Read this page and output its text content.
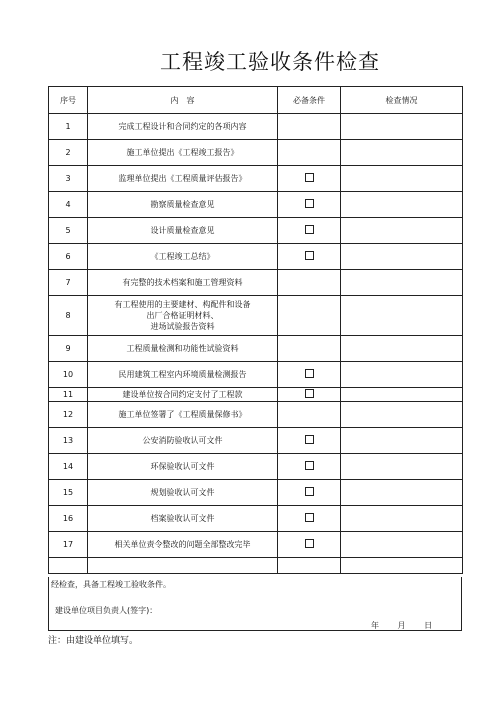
工程竣工验收条件检查
序号	内　容	必备条件	检查情况
1	完成工程设计和合同约定的各项内容		

2	施工单位提出《工程竣工报告》		

3	监理单位提出《工程质量评估报告》		

4	勘察质量检查意见		

5	设计质量检查意见		

6	《工程竣工总结》		

7	有完整的技术档案和施工管理资料		

8	有工程使用的主要建材、构配件和设备
出厂合格证明材料、
进场试验报告资料		

9	工程质量检测和功能性试验资料		

10	民用建筑工程室内环境质量检测报告		

11	建设单位按合同约定支付了工程款		

12	施工单位签署了《工程质量保修书》		

13	公安消防验收认可文件		

14	环保验收认可文件		

15	规划验收认可文件		

16	档案验收认可文件		

17	相关单位责令整改的问题全部整改完毕		

经检查，具备工程竣工验收条件。
建设单位项目负责人(签字)：
年 月 日
注：由建设单位填写。
